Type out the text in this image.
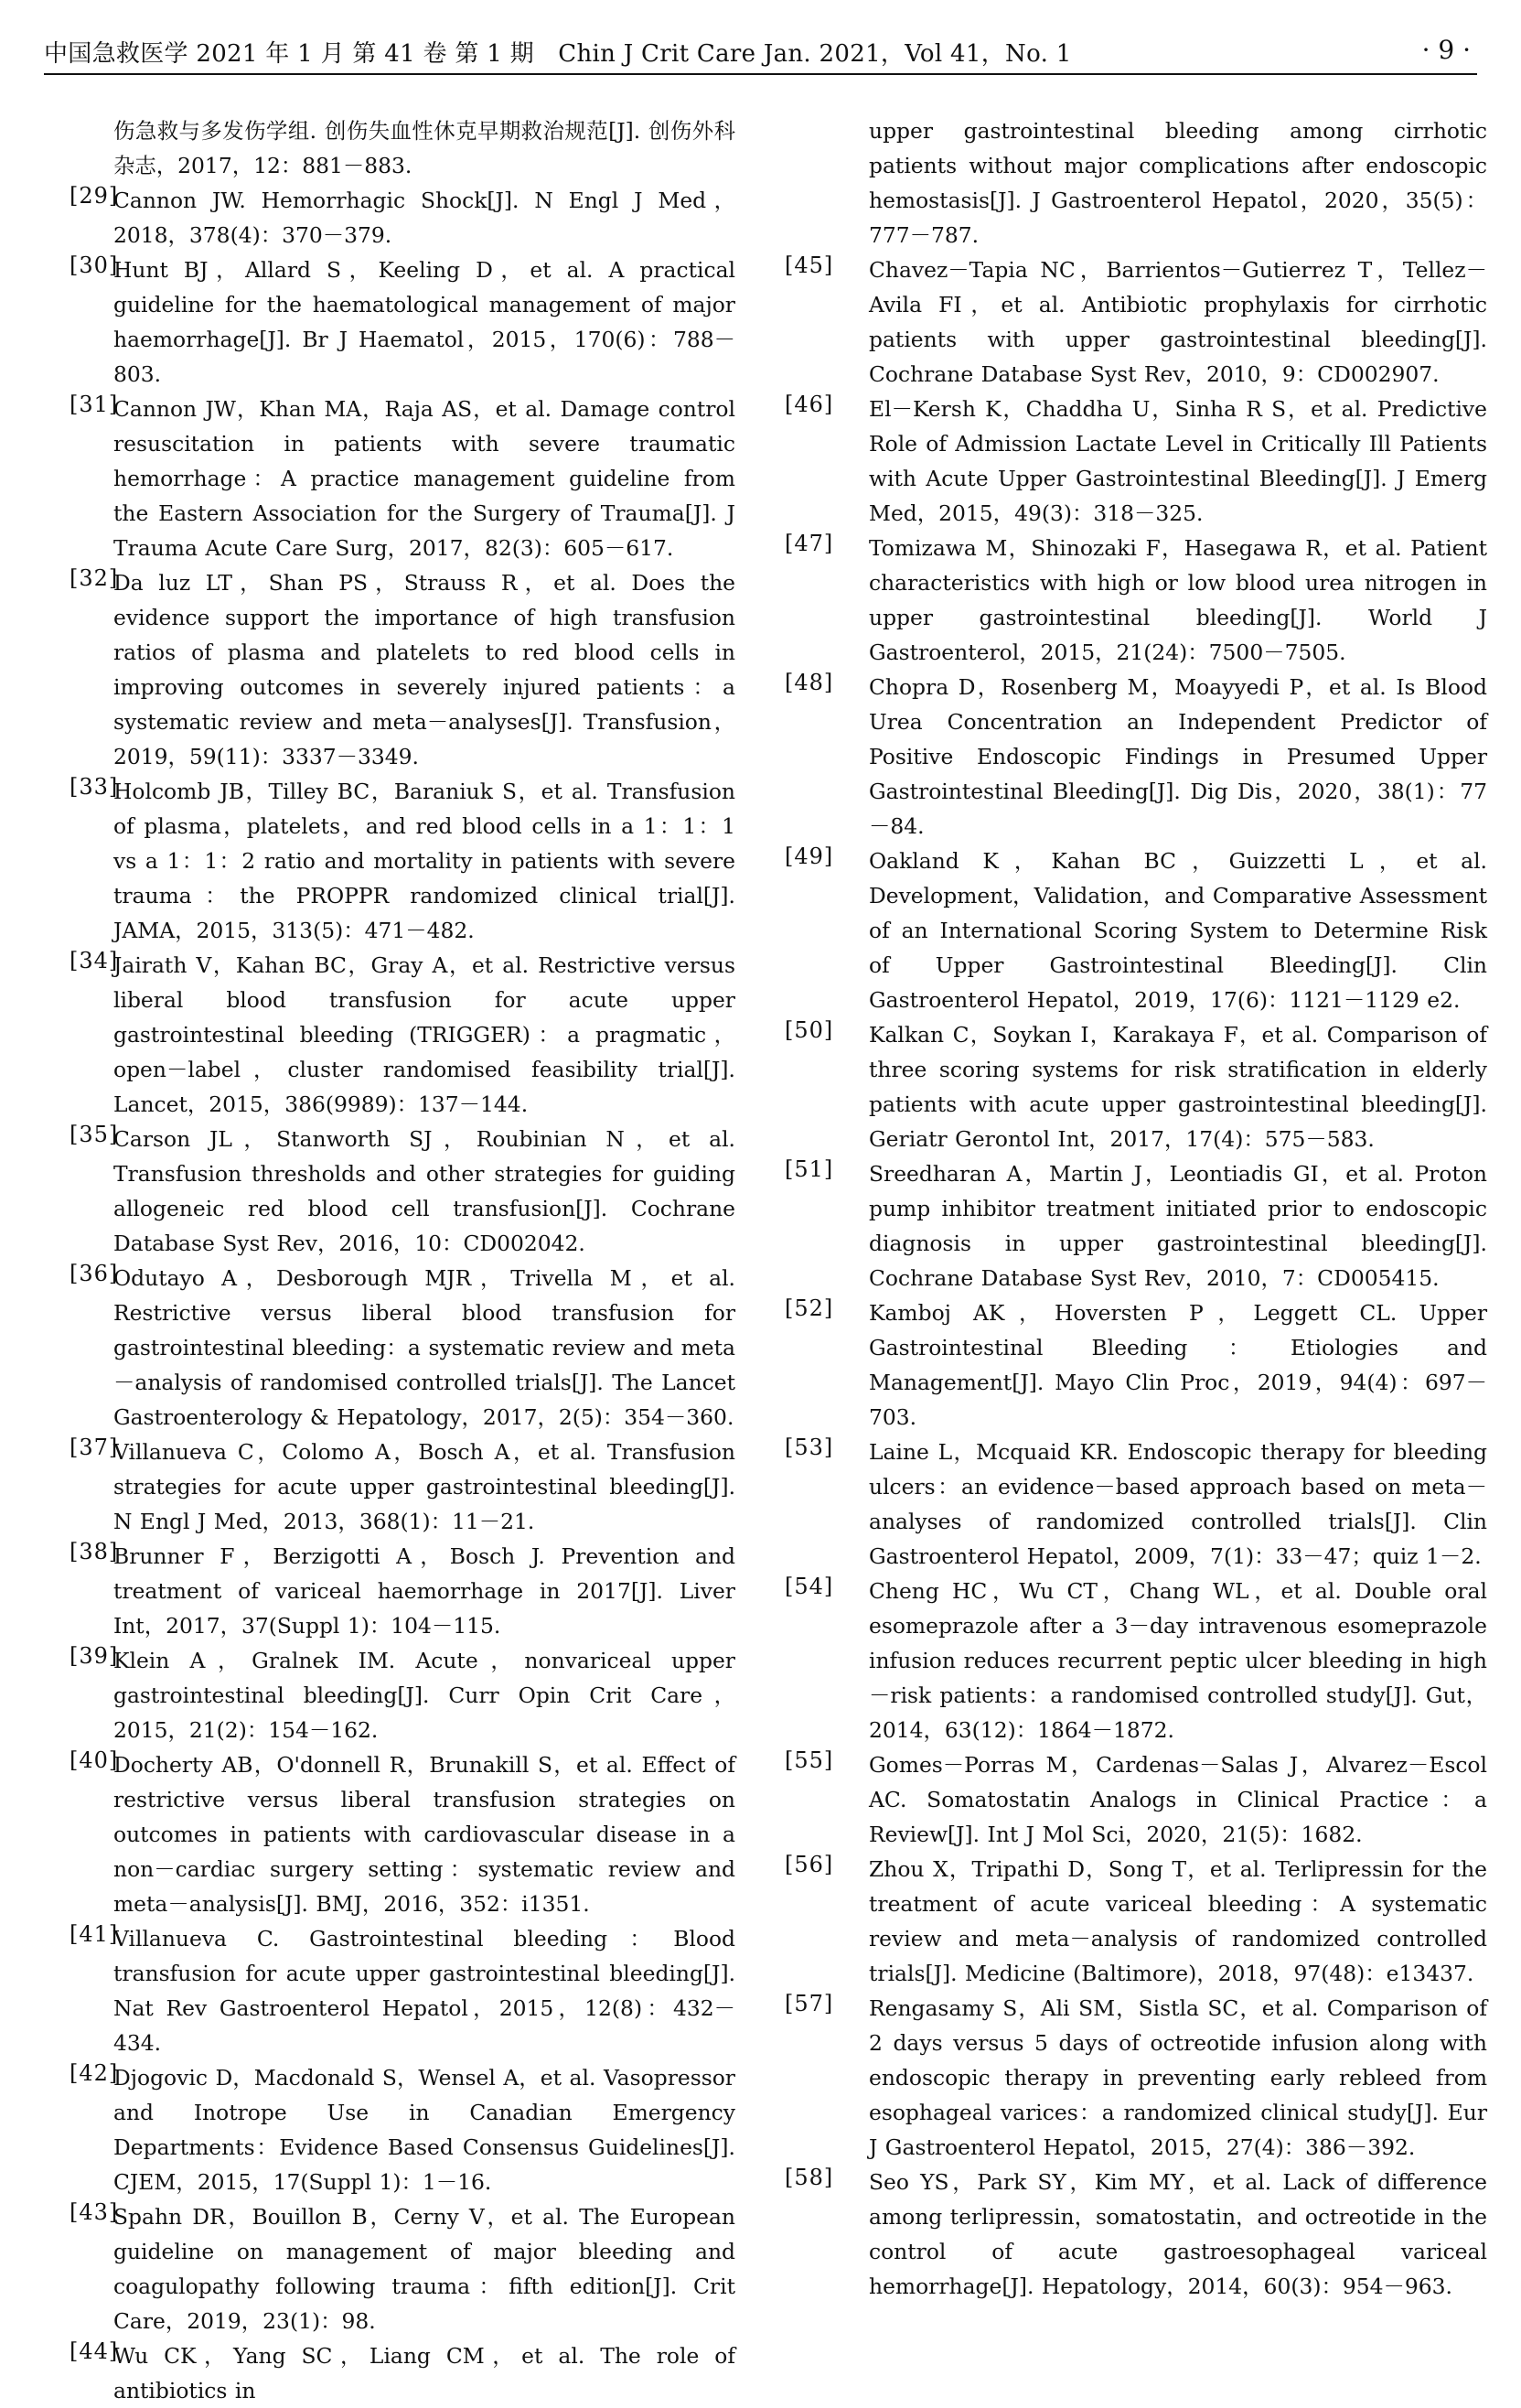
中国急救医学 2021 年 1 月 第 41 卷 第 1 期　Chin J Crit Care Jan. 2021，Vol 41，No. 1	· 9 ·
伤急救与多发伤学组. 创伤失血性休克早期救治规范[J]. 创伤外科杂志，2017，12：881－883.
[29]
Cannon JW. Hemorrhagic Shock[J]. N Engl J Med，2018，378(4)：370－379.
[30]
Hunt BJ，Allard S，Keeling D，et al. A practical guideline for the haematological management of major haemorrhage[J]. Br J Haematol，2015，170(6)：788－803.
[31]
Cannon JW，Khan MA，Raja AS，et al. Damage control resuscitation in patients with severe traumatic hemorrhage：A practice management guideline from the Eastern Association for the Surgery of Trauma[J]. J Trauma Acute Care Surg，2017，82(3)：605－617.
[32]
Da luz LT，Shan PS，Strauss R，et al. Does the evidence support the importance of high transfusion ratios of plasma and platelets to red blood cells in improving outcomes in severely injured patients：a systematic review and meta－analyses[J]. Transfusion，2019，59(11)：3337－3349.
[33]
Holcomb JB，Tilley BC，Baraniuk S，et al. Transfusion of plasma，platelets，and red blood cells in a 1：1：1 vs a 1：1：2 ratio and mortality in patients with severe trauma：the PROPPR randomized clinical trial[J]. JAMA，2015，313(5)：471－482.
[34]
Jairath V，Kahan BC，Gray A，et al. Restrictive versus liberal blood transfusion for acute upper gastrointestinal bleeding (TRIGGER)：a pragmatic，open－label，cluster randomised feasibility trial[J]. Lancet，2015，386(9989)：137－144.
[35]
Carson JL，Stanworth SJ，Roubinian N，et al. Transfusion thresholds and other strategies for guiding allogeneic red blood cell transfusion[J]. Cochrane Database Syst Rev，2016，10：CD002042.
[36]
Odutayo A，Desborough MJR，Trivella M，et al. Restrictive versus liberal blood transfusion for gastrointestinal bleeding：a systematic review and meta－analysis of randomised controlled trials[J]. The Lancet Gastroenterology & Hepatology，2017，2(5)：354－360.
[37]
Villanueva C，Colomo A，Bosch A，et al. Transfusion strategies for acute upper gastrointestinal bleeding[J]. N Engl J Med，2013，368(1)：11－21.
[38]
Brunner F，Berzigotti A，Bosch J. Prevention and treatment of variceal haemorrhage in 2017[J]. Liver Int，2017，37(Suppl 1)：104－115.
[39]
Klein A，Gralnek IM. Acute，nonvariceal upper gastrointestinal bleeding[J]. Curr Opin Crit Care，2015，21(2)：154－162.
[40]
Docherty AB，O'donnell R，Brunakill S，et al. Effect of restrictive versus liberal transfusion strategies on outcomes in patients with cardiovascular disease in a non－cardiac surgery setting：systematic review and meta－analysis[J]. BMJ，2016，352：i1351.
[41]
Villanueva C. Gastrointestinal bleeding：Blood transfusion for acute upper gastrointestinal bleeding[J]. Nat Rev Gastroenterol Hepatol，2015，12(8)：432－434.
[42]
Djogovic D，Macdonald S，Wensel A，et al. Vasopressor and Inotrope Use in Canadian Emergency Departments：Evidence Based Consensus Guidelines[J]. CJEM，2015，17(Suppl 1)：1－16.
[43]
Spahn DR，Bouillon B，Cerny V，et al. The European guideline on management of major bleeding and coagulopathy following trauma：fifth edition[J]. Crit Care，2019，23(1)：98.
[44]
Wu CK，Yang SC，Liang CM，et al. The role of antibiotics in
upper gastrointestinal bleeding among cirrhotic patients without major complications after endoscopic hemostasis[J]. J Gastroenterol Hepatol，2020，35(5)：777－787.
[45] Chavez－Tapia NC，Barrientos－Gutierrez T，Tellez－Avila FI，et al. Antibiotic prophylaxis for cirrhotic patients with upper gastrointestinal bleeding[J]. Cochrane Database Syst Rev，2010，9：CD002907.
[46] El－Kersh K，Chaddha U，Sinha R S，et al. Predictive Role of Admission Lactate Level in Critically Ill Patients with Acute Upper Gastrointestinal Bleeding[J]. J Emerg Med，2015，49(3)：318－325.
[47] Tomizawa M，Shinozaki F，Hasegawa R，et al. Patient characteristics with high or low blood urea nitrogen in upper gastrointestinal bleeding[J]. World J Gastroenterol，2015，21(24)：7500－7505.
[48] Chopra D，Rosenberg M，Moayyedi P，et al. Is Blood Urea Concentration an Independent Predictor of Positive Endoscopic Findings in Presumed Upper Gastrointestinal Bleeding[J]. Dig Dis，2020，38(1)：77－84.
[49] Oakland K，Kahan BC，Guizzetti L，et al. Development，Validation，and Comparative Assessment of an International Scoring System to Determine Risk of Upper Gastrointestinal Bleeding[J]. Clin Gastroenterol Hepatol，2019，17(6)：1121－1129 e2.
[50] Kalkan C，Soykan I，Karakaya F，et al. Comparison of three scoring systems for risk stratification in elderly patients with acute upper gastrointestinal bleeding[J]. Geriatr Gerontol Int，2017，17(4)：575－583.
[51] Sreedharan A，Martin J，Leontiadis GI，et al. Proton pump inhibitor treatment initiated prior to endoscopic diagnosis in upper gastrointestinal bleeding[J]. Cochrane Database Syst Rev，2010，7：CD005415.
[52] Kamboj AK，Hoversten P，Leggett CL. Upper Gastrointestinal Bleeding：Etiologies and Management[J]. Mayo Clin Proc，2019，94(4)：697－703.
[53] Laine L，Mcquaid KR. Endoscopic therapy for bleeding ulcers：an evidence－based approach based on meta－analyses of randomized controlled trials[J]. Clin Gastroenterol Hepatol，2009，7(1)：33－47；quiz 1－2.
[54] Cheng HC，Wu CT，Chang WL，et al. Double oral esomeprazole after a 3－day intravenous esomeprazole infusion reduces recurrent peptic ulcer bleeding in high－risk patients：a randomised controlled study[J]. Gut，2014，63(12)：1864－1872.
[55] Gomes－Porras M，Cardenas－Salas J，Alvarez－Escol AC. Somatostatin Analogs in Clinical Practice：a Review[J]. Int J Mol Sci，2020，21(5)：1682.
[56] Zhou X，Tripathi D，Song T，et al. Terlipressin for the treatment of acute variceal bleeding：A systematic review and meta－analysis of randomized controlled trials[J]. Medicine (Baltimore)，2018，97(48)：e13437.
[57] Rengasamy S，Ali SM，Sistla SC，et al. Comparison of 2 days versus 5 days of octreotide infusion along with endoscopic therapy in preventing early rebleed from esophageal varices：a randomized clinical study[J]. Eur J Gastroenterol Hepatol，2015，27(4)：386－392.
[58] Seo YS，Park SY，Kim MY，et al. Lack of difference among terlipressin，somatostatin，and octreotide in the control of acute gastroesophageal variceal hemorrhage[J]. Hepatology，2014，60(3)：954－963.
